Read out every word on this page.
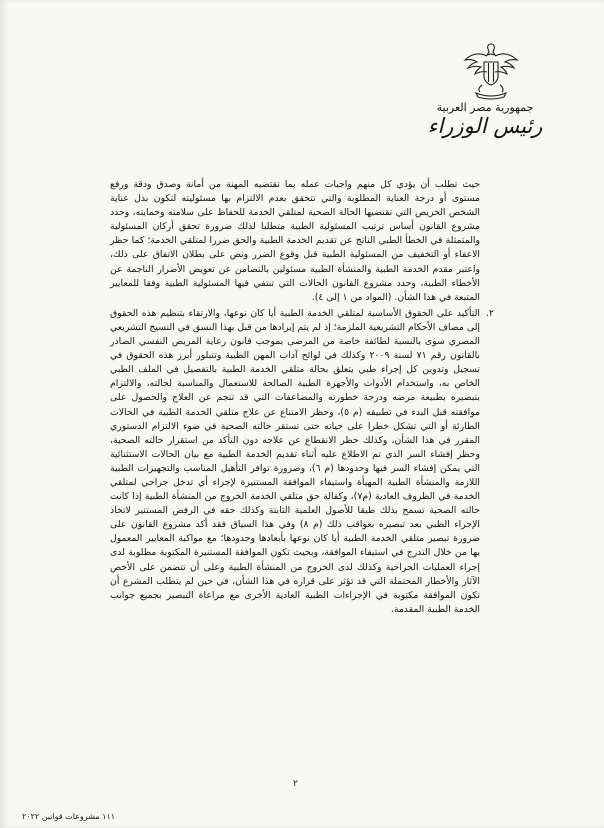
جمهورية مصر العربية
رئيس الوزراء

حيث تطلب أن يؤدي كل منهم واجبات عمله بما تقتضيه المهنة من أمانة وصدق ودقة ورفع مستوى أو درجة العناية المطلوبة والتي تتحقق بعدم الالتزام بها مسئوليته لتكون بذل عناية الشخص الحريص التي تقتضيها الحالة الصحية لمتلقي الخدمة للحفاظ على سلامته وحمايته، وحدد مشروع القانون أساس ترتيب المسئولية الطبية متطلبا لذلك ضرورة تحقق أركان المسئولية والمتمثلة في الخطأ الطبي الناتج عن تقديم الخدمة الطبية والحق ضررا لمتلقي الخدمة؛ كما حظر الاعفاء أو التخفيف من المسئولية الطبية قبل وقوع الضرر ونص على بطلان الاتفاق على ذلك، واعتبر مقدم الخدمة الطبية والمنشأة الطبية مسئولين بالتضامن عن تعويض الأضرار الناجمة عن الأخطاء الطبية، وحدد مشروع القانون الحالات التي تنتفي فيها المسئولية الطبية وفقا للمعايير المتبعة في هذا الشأن. (المواد من ١ إلى ٤).

٢.

التأكيد على الحقوق الأساسية لمتلقي الخدمة الطبية أيا كان نوعها، والارتقاء بتنظيم هذه الحقوق إلى مصاف الأحكام التشريعية الملزمة؛ إذ لم يتم إيرادها من قبل بهذا النسق في النسيج التشريعي المصري سوى بالنسبة لطائفة خاصة من المرضى بموجب قانون رعاية المريض النفسي الصادر بالقانون رقم ٧١ لسنة ٢٠٠٩ وكذلك في لوائح آداب المهن الطبية وتتبلور أبرز هذه الحقوق في تسجيل وتدوين كل إجراء طبي يتعلق بحالة متلقي الخدمة الطبية بالتفصيل في الملف الطبي الخاص به، واستخدام الأدوات والأجهزة الطبية الصالحة للاستعمال والمناسبة لحالته، والالتزام بتبصيره بطبيعة مرضه ودرجة خطورته والمضاعفات التي قد تنجم عن العلاج والحصول على موافقته قبل البدء في تطبيقه (م ٥)، وحظر الامتناع عن علاج متلقي الخدمة الطبية في الحالات الطارئة أو التي تشكل خطرا على حياته حتى تستقر حالته الصحية في ضوء الالتزام الدستوري المقرر في هذا الشأن، وكذلك حظر الانقطاع عن علاجه دون التأكد من استقرار حالته الصحية، وحظر إفشاء السر الذي تم الاطلاع عليه أثناء تقديم الخدمة الطبية مع بيان الحالات الاستثنائية التي يمكن إفشاء السر فيها وحدودها (م ٦)، وضرورة توافر التأهيل المناسب والتجهيزات الطبية اللازمة والمنشأة الطبية المهيأة واستيفاء الموافقة المستنيرة لإجراء أي تدخل جراحي لمتلقي الخدمة في الظروف العادية (م٧)، وكفالة حق متلقي الخدمة الخروج من المنشأة الطبية إذا كانت حالته الصحية تسمح بذلك طبقا للأصول العلمية الثابتة وكذلك حقه في الرفض المستنير لاتخاذ الإجراء الطبي بعد تبصيره بعواقب ذلك (م ٨) وفي هذا السياق فقد أكد مشروع القانون على ضرورة تبصير متلقي الخدمة الطبية أيا كان نوعها بأبعادها وحدودها؛ مع مواكبة المعايير المعمول بها من خلال التدرج في استيفاء الموافقة، وبحيث تكون الموافقة المستنيرة المكتوبة مطلوبة لدى إجراء العمليات الجراحية وكذلك لدى الخروج من المنشأة الطبية وعلى أن تتضمن على الأخص الآثار والأخطار المحتملة التي قد تؤثر على قراره في هذا الشأن، في حين لم يتطلب المشرع أن تكون الموافقة مكتوبة في الإجراءات الطبية العادية الأخرى مع مراعاة التبصير بجميع جوانب الخدمة الطبية المقدمة.

٢
١١١ مشروعات قوانين ٢٠٢٢
